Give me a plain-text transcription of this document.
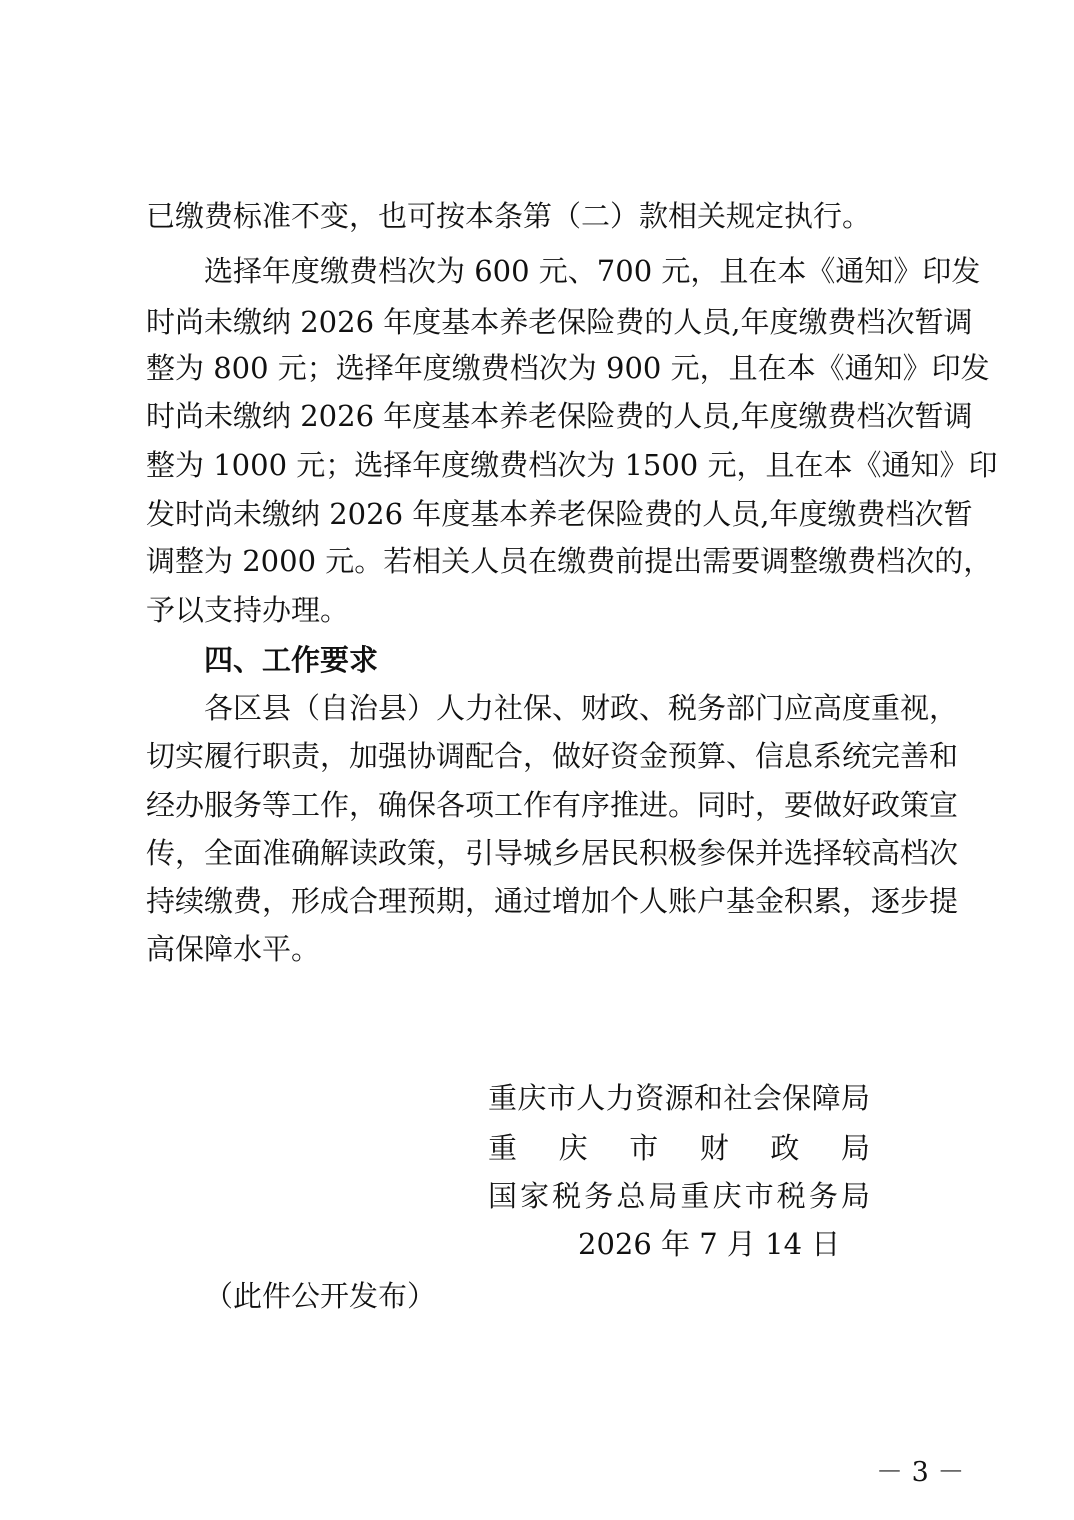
已缴费标准不变，也可按本条第（二）款相关规定执行。
选择年度缴费档次为 600 元、700 元，且在本《通知》印发
时尚未缴纳 2026 年度基本养老保险费的人员,年度缴费档次暂调
整为 800 元；选择年度缴费档次为 900 元，且在本《通知》印发
时尚未缴纳 2026 年度基本养老保险费的人员,年度缴费档次暂调
整为 1000 元；选择年度缴费档次为 1500 元，且在本《通知》印
发时尚未缴纳 2026 年度基本养老保险费的人员,年度缴费档次暂
调整为 2000 元。若相关人员在缴费前提出需要调整缴费档次的，
予以支持办理。
四、工作要求
各区县（自治县）人力社保、财政、税务部门应高度重视，
切实履行职责，加强协调配合，做好资金预算、信息系统完善和
经办服务等工作，确保各项工作有序推进。同时，要做好政策宣
传，全面准确解读政策，引导城乡居民积极参保并选择较高档次
持续缴费，形成合理预期，通过增加个人账户基金积累，逐步提
高保障水平。
重庆市人力资源和社会保障局
重庆市财政局
国家税务总局重庆市税务局
2026 年 7 月 14 日
（此件公开发布）
－ 3 －
